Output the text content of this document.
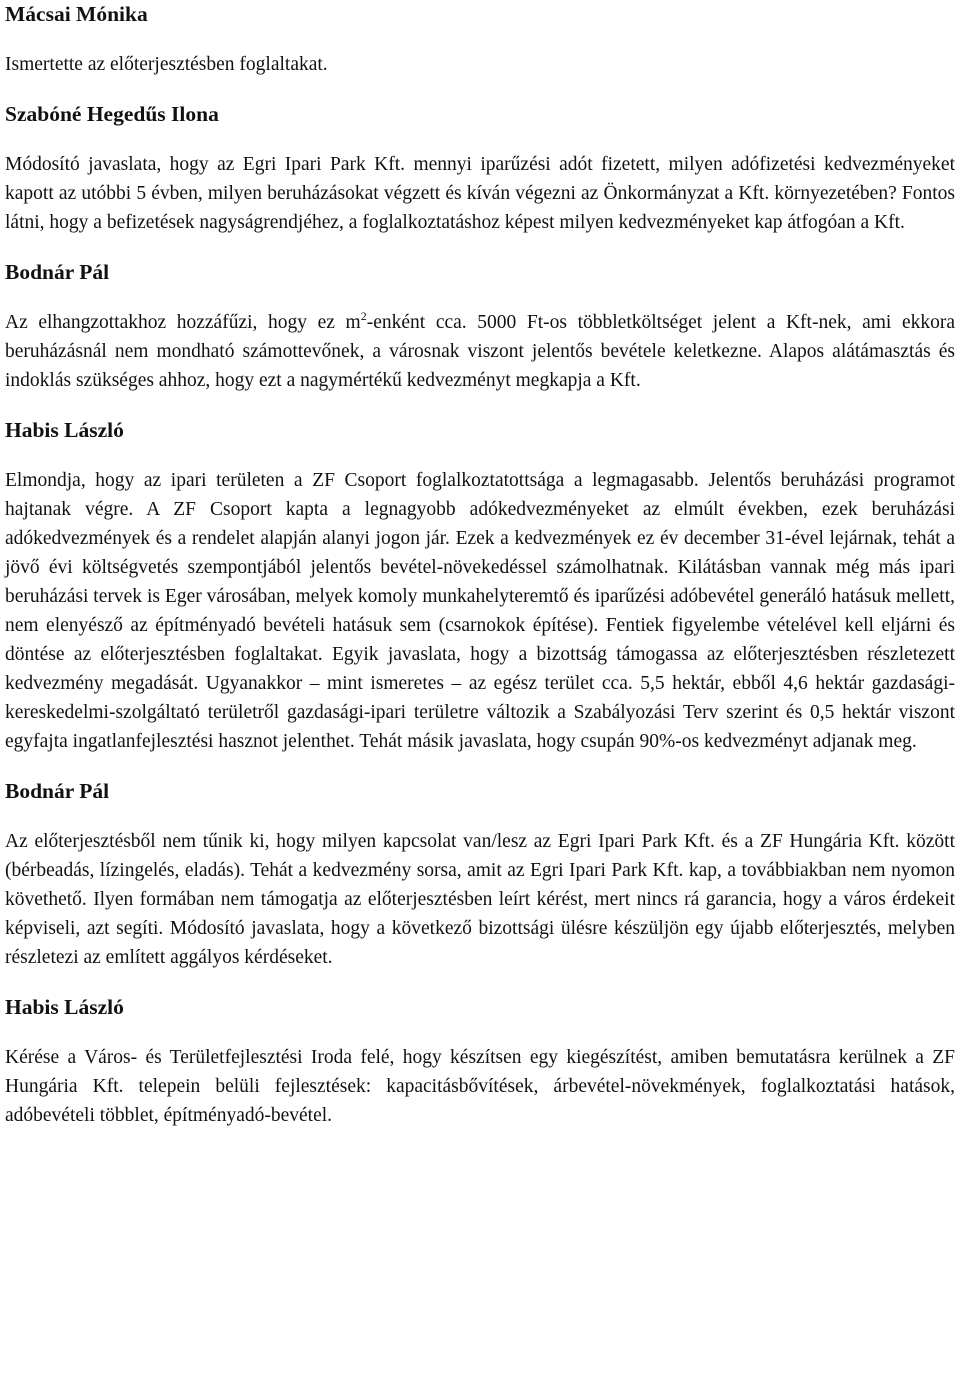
Mácsai Mónika

Ismertette az előterjesztésben foglaltakat.

Szabóné Hegedűs Ilona

Módosító javaslata, hogy az Egri Ipari Park Kft. mennyi iparűzési adót fizetett, milyen adófizetési kedvezményeket kapott az utóbbi 5 évben, milyen beruházásokat végzett és kíván végezni az Önkormányzat a Kft. környezetében? Fontos látni, hogy a befizetések nagyságrendjéhez, a foglalkoztatáshoz képest milyen kedvezményeket kap átfogóan a Kft.

Bodnár Pál

Az elhangzottakhoz hozzáfűzi, hogy ez $m^2$-enként cca. 5000 Ft-os többletköltséget jelent a Kft-nek, ami ekkora beruházásnál nem mondható számottevőnek, a városnak viszont jelentős bevétele keletkezne. Alapos alátámasztás és indoklás szükséges ahhoz, hogy ezt a nagymértékű kedvezményt megkapja a Kft.

Habis László

Elmondja, hogy az ipari területen a ZF Csoport foglalkoztatottsága a legmagasabb. Jelentős beruházási programot hajtanak végre. A ZF Csoport kapta a legnagyobb adókedvezményeket az elmúlt években, ezek beruházási adókedvezmények és a rendelet alapján alanyi jogon jár. Ezek a kedvezmények ez év december 31-ével lejárnak, tehát a jövő évi költségvetés szempontjából jelentős bevétel-növekedéssel számolhatnak. Kilátásban vannak még más ipari beruházási tervek is Eger városában, melyek komoly munkahelyteremtő és iparűzési adóbevétel generáló hatásuk mellett, nem elenyésző az építményadó bevételi hatásuk sem (csarnokok építése). Fentiek figyelembe vételével kell eljárni és döntése az előterjesztésben foglaltakat. Egyik javaslata, hogy a bizottság támogassa az előterjesztésben részletezett kedvezmény megadását. Ugyanakkor – mint ismeretes – az egész terület cca. 5,5 hektár, ebből 4,6 hektár gazdasági-kereskedelmi-szolgáltató területről gazdasági-ipari területre változik a Szabályozási Terv szerint és 0,5 hektár viszont egyfajta ingatlanfejlesztési hasznot jelenthet. Tehát másik javaslata, hogy csupán 90%-os kedvezményt adjanak meg.

Bodnár Pál

Az előterjesztésből nem tűnik ki, hogy milyen kapcsolat van/lesz az Egri Ipari Park Kft. és a ZF Hungária Kft. között (bérbeadás, lízingelés, eladás). Tehát a kedvezmény sorsa, amit az Egri Ipari Park Kft. kap, a továbbiakban nem nyomon követhető. Ilyen formában nem támogatja az előterjesztésben leírt kérést, mert nincs rá garancia, hogy a város érdekeit képviseli, azt segíti. Módosító javaslata, hogy a következő bizottsági ülésre készüljön egy újabb előterjesztés, melyben részletezi az említett aggályos kérdéseket.

Habis László

Kérése a Város- és Területfejlesztési Iroda felé, hogy készítsen egy kiegészítést, amiben bemutatásra kerülnek a ZF Hungária Kft. telepein belüli fejlesztések: kapacitásbővítések, árbevétel-növekmények, foglalkoztatási hatások, adóbevételi többlet, építményadó-bevétel.
